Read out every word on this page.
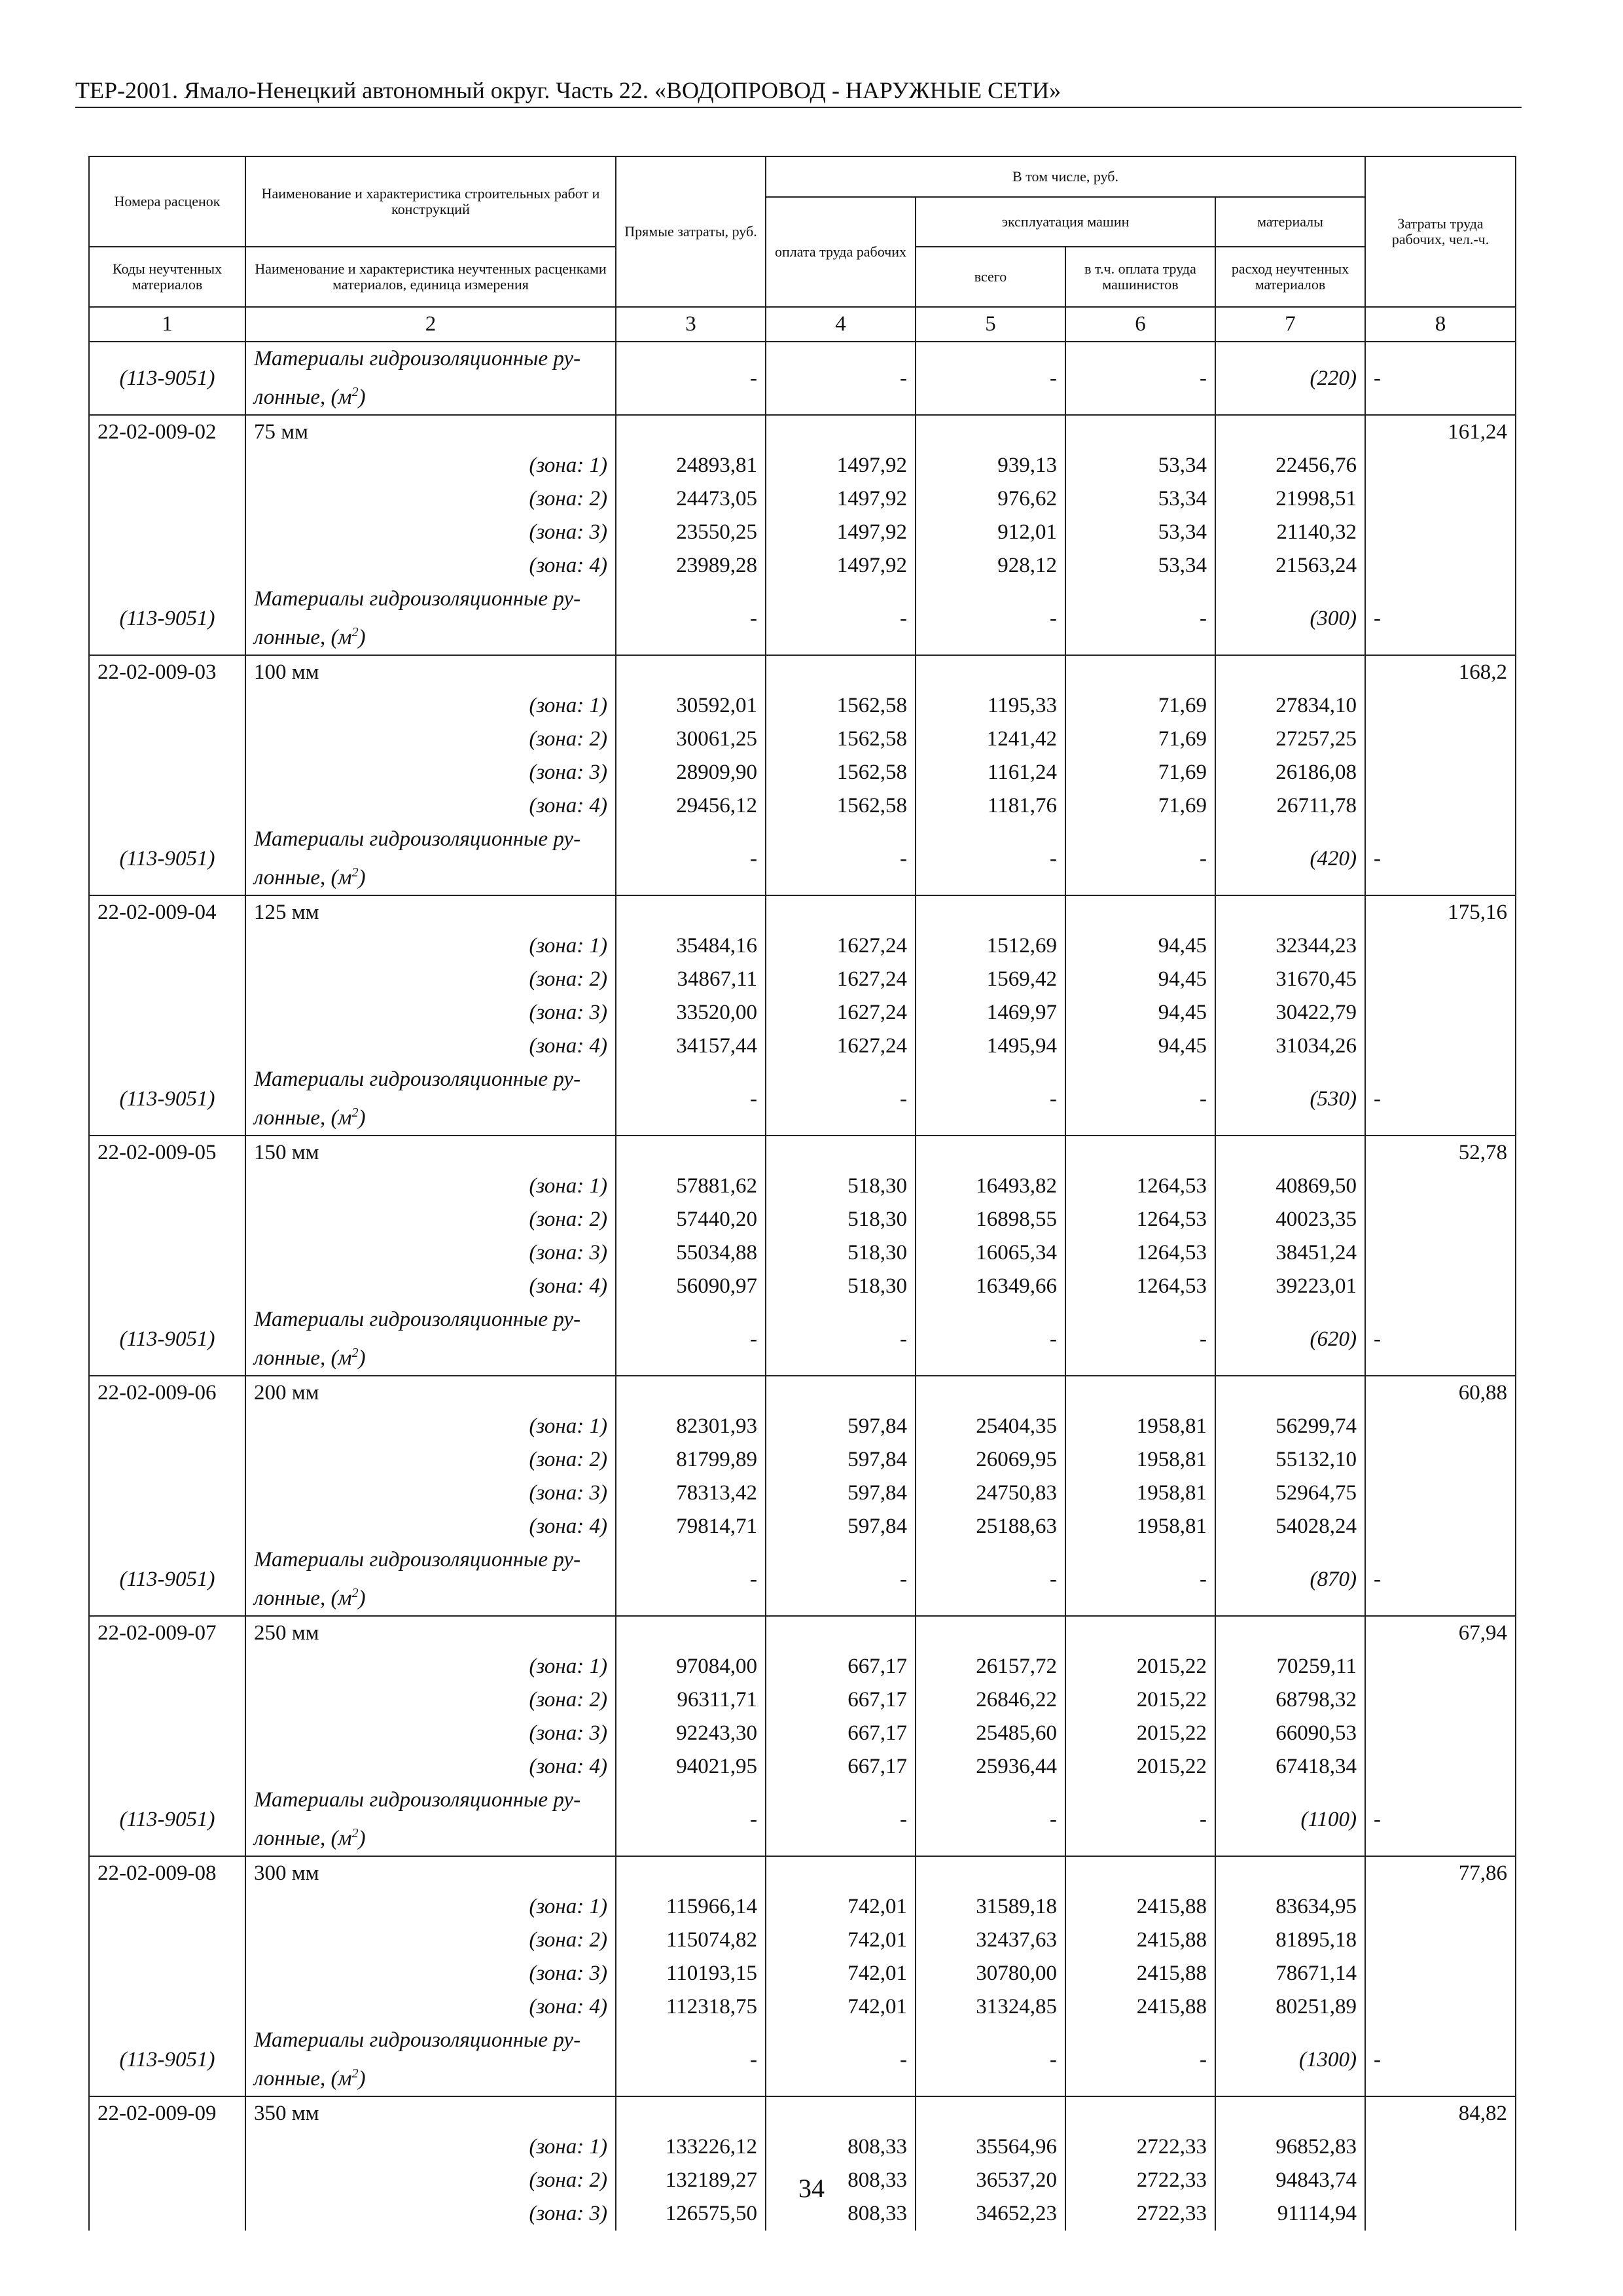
ТЕР-2001. Ямало-Ненецкий автономный округ. Часть 22. «ВОДОПРОВОД - НАРУЖНЫЕ СЕТИ»
Номера расценок	Наименование и характеристика строительных работ и конструкций	Прямые затраты, руб.	В том числе, руб.				Затраты труда рабочих, чел.-ч.
			оплата труда рабочих	эксплуатация машин		материалы	
Коды неучтенных материалов	Наименование и характеристика неучтенных расценками материалов, единица измерения			всего	в т.ч. оплата труда машинистов	расход неучтенных материалов	
1	2	3	4	5	6	7	8
(113-9051)	Материалы гидроизоляционные ру-
лонные, $(м^2)$	-	-	-	-	(220)	-
22-02-009-02	75 мм						161,24
	(зона: 1)	24893,81	1497,92	939,13	53,34	22456,76	
	(зона: 2)	24473,05	1497,92	976,62	53,34	21998,51	
	(зона: 3)	23550,25	1497,92	912,01	53,34	21140,32	
	(зона: 4)	23989,28	1497,92	928,12	53,34	21563,24	
(113-9051)	Материалы гидроизоляционные ру-
лонные, $(м^2)$	-	-	-	-	(300)	-
22-02-009-03	100 мм						168,2
	(зона: 1)	30592,01	1562,58	1195,33	71,69	27834,10	
	(зона: 2)	30061,25	1562,58	1241,42	71,69	27257,25	
	(зона: 3)	28909,90	1562,58	1161,24	71,69	26186,08	
	(зона: 4)	29456,12	1562,58	1181,76	71,69	26711,78	
(113-9051)	Материалы гидроизоляционные ру-
лонные, $(м^2)$	-	-	-	-	(420)	-
22-02-009-04	125 мм						175,16
	(зона: 1)	35484,16	1627,24	1512,69	94,45	32344,23	
	(зона: 2)	34867,11	1627,24	1569,42	94,45	31670,45	
	(зона: 3)	33520,00	1627,24	1469,97	94,45	30422,79	
	(зона: 4)	34157,44	1627,24	1495,94	94,45	31034,26	
(113-9051)	Материалы гидроизоляционные ру-
лонные, $(м^2)$	-	-	-	-	(530)	-
22-02-009-05	150 мм						52,78
	(зона: 1)	57881,62	518,30	16493,82	1264,53	40869,50	
	(зона: 2)	57440,20	518,30	16898,55	1264,53	40023,35	
	(зона: 3)	55034,88	518,30	16065,34	1264,53	38451,24	
	(зона: 4)	56090,97	518,30	16349,66	1264,53	39223,01	
(113-9051)	Материалы гидроизоляционные ру-
лонные, $(м^2)$	-	-	-	-	(620)	-
22-02-009-06	200 мм						60,88
	(зона: 1)	82301,93	597,84	25404,35	1958,81	56299,74	
	(зона: 2)	81799,89	597,84	26069,95	1958,81	55132,10	
	(зона: 3)	78313,42	597,84	24750,83	1958,81	52964,75	
	(зона: 4)	79814,71	597,84	25188,63	1958,81	54028,24	
(113-9051)	Материалы гидроизоляционные ру-
лонные, $(м^2)$	-	-	-	-	(870)	-
22-02-009-07	250 мм						67,94
	(зона: 1)	97084,00	667,17	26157,72	2015,22	70259,11	
	(зона: 2)	96311,71	667,17	26846,22	2015,22	68798,32	
	(зона: 3)	92243,30	667,17	25485,60	2015,22	66090,53	
	(зона: 4)	94021,95	667,17	25936,44	2015,22	67418,34	
(113-9051)	Материалы гидроизоляционные ру-
лонные, $(м^2)$	-	-	-	-	(1100)	-
22-02-009-08	300 мм						77,86
	(зона: 1)	115966,14	742,01	31589,18	2415,88	83634,95	
	(зона: 2)	115074,82	742,01	32437,63	2415,88	81895,18	
	(зона: 3)	110193,15	742,01	30780,00	2415,88	78671,14	
	(зона: 4)	112318,75	742,01	31324,85	2415,88	80251,89	
(113-9051)	Материалы гидроизоляционные ру-
лонные, $(м^2)$	-	-	-	-	(1300)	-
22-02-009-09	350 мм						84,82
	(зона: 1)	133226,12	808,33	35564,96	2722,33	96852,83	
	(зона: 2)	132189,27	808,33	36537,20	2722,33	94843,74	
	(зона: 3)	126575,50	808,33	34652,23	2722,33	91114,94	
34
